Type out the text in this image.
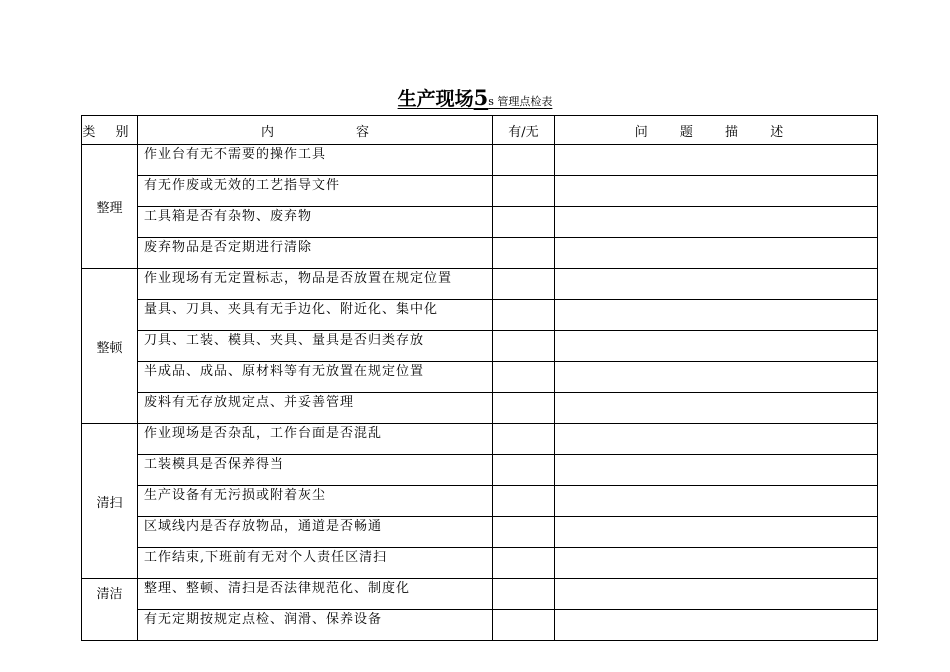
生产现场5s 管理点检表
类 别	内 容	有/无	问 题 描 述
整理	作业台有无不需要的操作工具		

	有无作废或无效的工艺指导文件		

	工具箱是否有杂物、废弃物		

	废弃物品是否定期进行清除		

整顿	作业现场有无定置标志，物品是否放置在规定位置		

	量具、刀具、夹具有无手边化、附近化、集中化		

	刀具、工装、模具、夹具、量具是否归类存放		

	半成品、成品、原材料等有无放置在规定位置		

	废料有无存放规定点、并妥善管理		

清扫	作业现场是否杂乱，工作台面是否混乱		

	工装模具是否保养得当		

	生产设备有无污损或附着灰尘		

	区域线内是否存放物品，通道是否畅通		

	工作结束,下班前有无对个人责任区清扫		

清洁	整理、整顿、清扫是否法律规范化、制度化		

	有无定期按规定点检、润滑、保养设备		
